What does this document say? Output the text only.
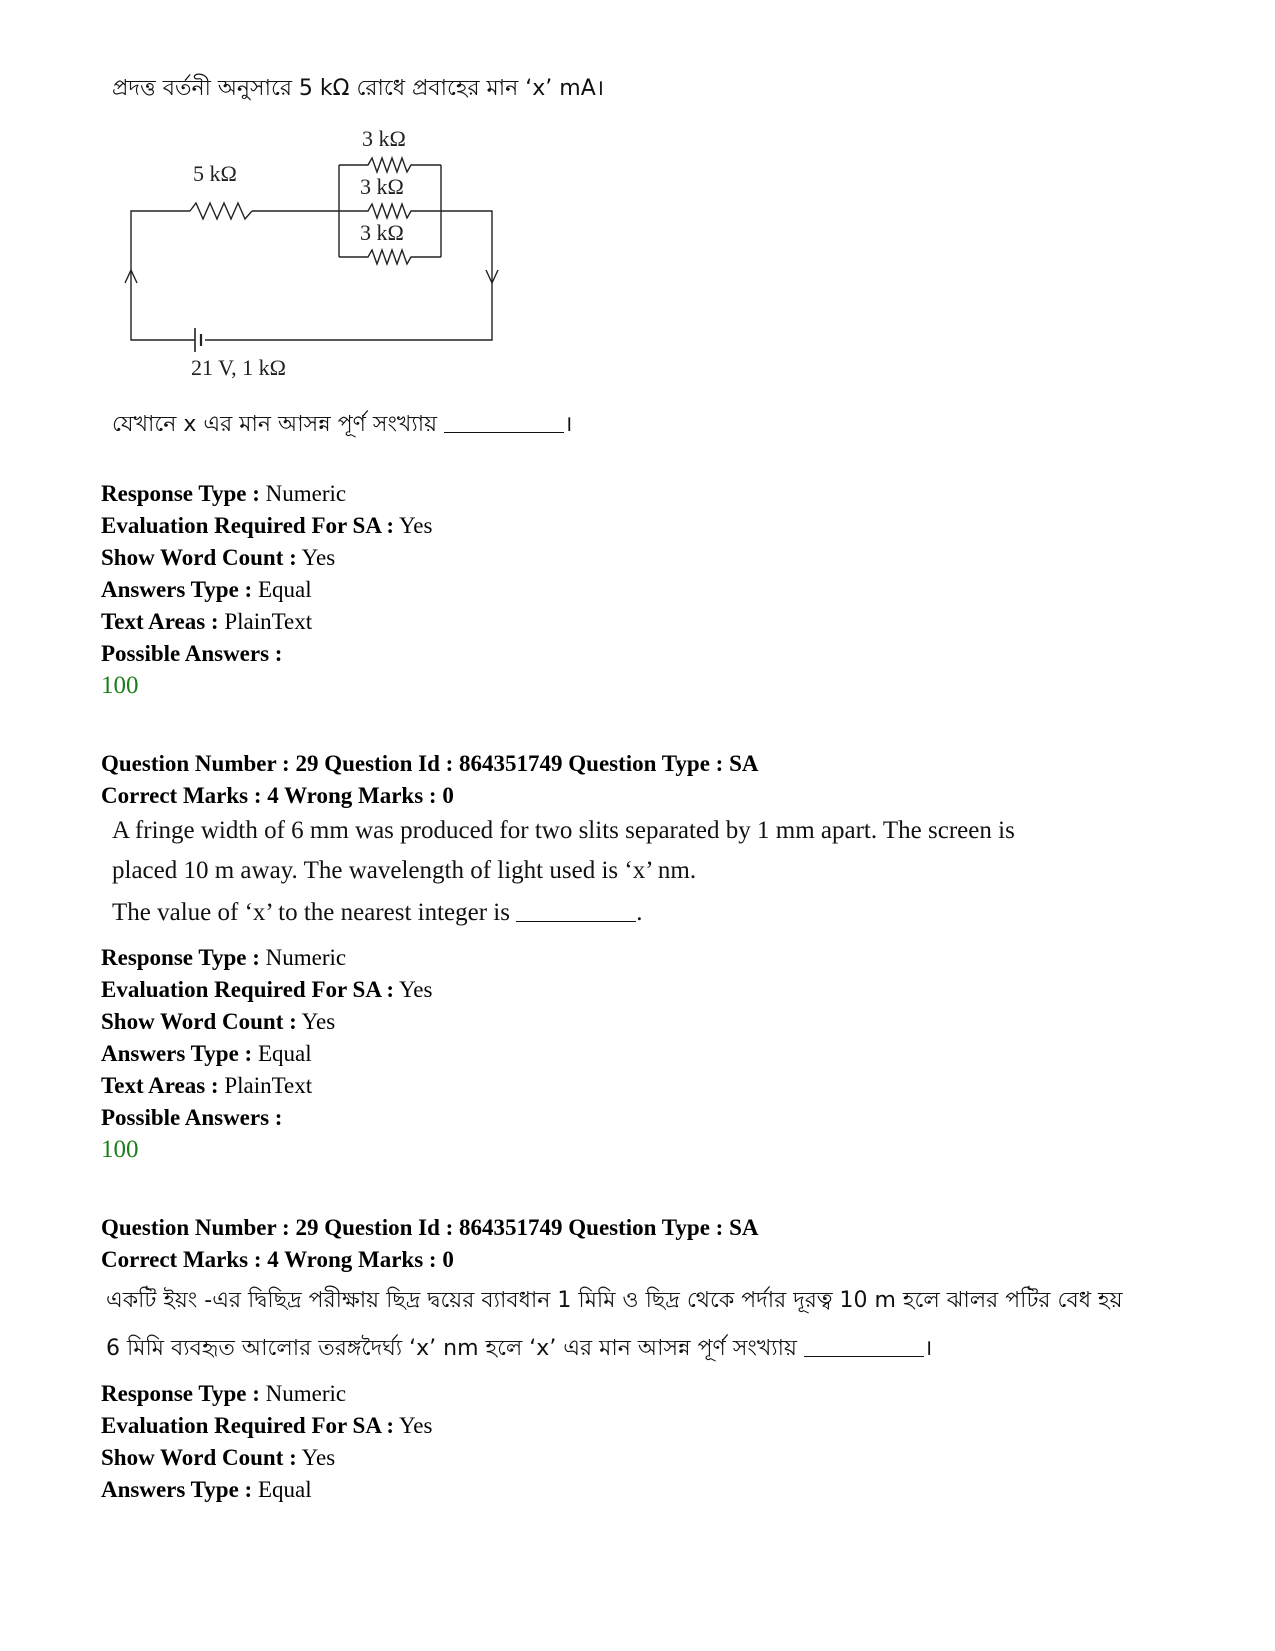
প্রদত্ত বর্তনী অনুসারে 5 kΩ রোধে প্রবাহের মান ‘x’ mA।
5 kΩ
3 kΩ
3 kΩ
3 kΩ
21 V, 1 kΩ
যেখানে x এর মান আসন্ন পূর্ণ সংখ্যায়	।
Response Type : Numeric
Evaluation Required For SA : Yes
Show Word Count : Yes
Answers Type : Equal
Text Areas : PlainText
Possible Answers :
100
Question Number : 29 Question Id : 864351749 Question Type : SA
Correct Marks : 4 Wrong Marks : 0
A fringe width of 6 mm was produced for two slits separated by 1 mm apart. The screen is
placed 10 m away. The wavelength of light used is ‘x’ nm.
The value of ‘x’ to the nearest integer is	.
Response Type : Numeric
Evaluation Required For SA : Yes
Show Word Count : Yes
Answers Type : Equal
Text Areas : PlainText
Possible Answers :
100
Question Number : 29 Question Id : 864351749 Question Type : SA
Correct Marks : 4 Wrong Marks : 0
একটি ইয়ং -এর দ্বিছিদ্র পরীক্ষায় ছিদ্র দ্বয়ের ব্যাবধান 1 মিমি ও ছিদ্র থেকে পর্দার দূরত্ব 10 m হলে ঝালর পটির বেধ হয়
6 মিমি ব্যবহৃত আলোর তরঙ্গদৈর্ঘ্য ‘x’ nm হলে ‘x’ এর মান আসন্ন পূর্ণ সংখ্যায়	।
Response Type : Numeric
Evaluation Required For SA : Yes
Show Word Count : Yes
Answers Type : Equal
